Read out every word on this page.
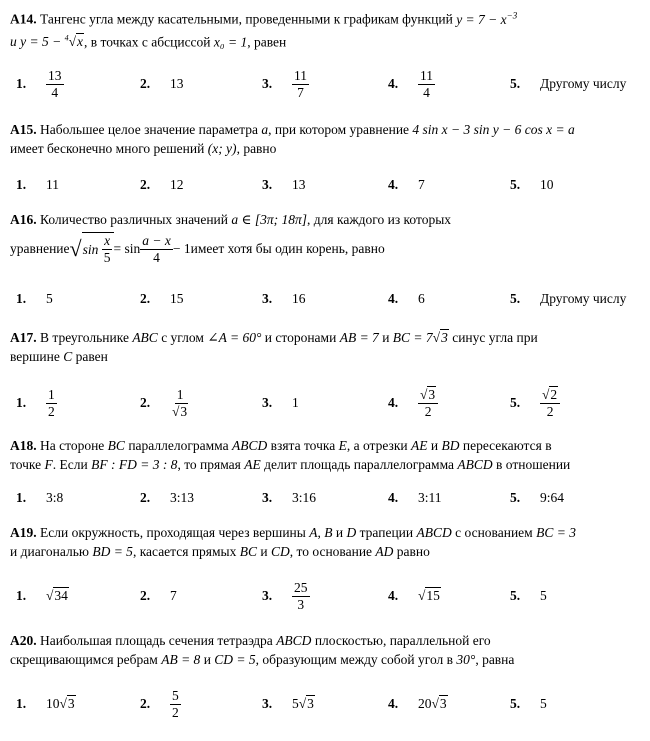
A14. Тангенс угла между касательными, проведенными к графикам функций $y = 7 - x^{-3}$
и y = 5 − $^4$√x, в точках с абсциссой x₀ = 1, равен
1.	$\frac{13}{4}$	2.	13	3.	$\frac{11}{7}$	4.	$\frac{11}{4}$	5.	Другому числу
A15. Набольшее целое значение параметра a, при котором уравнение 4 sin x − 3 sin y − 6 cos x = a
имеет бесконечно много решений (x; y), равно
1.	11	2.	12	3.	13	4.	7	5.	10
A16. Количество различных значений a ∈ [3π; 18π], для каждого из которых
уравнение √ sin
$\frac{x}{5} = \sin \frac{a - x}{4} - 1$ имеет хотя бы один корень, равно
1.	5	2.	15	3.	16	4.	6	5.	Другому числу
A17. В треугольнике ABC с углом ∠A = 60° и сторонами AB = 7 и BC = 7√3 синус угла при
вершине C равен
1.	$\frac{1}{2}$	2.	$\frac{1}{√3}$	3.	1	4.	$\frac{√3}{2}$	5.	$\frac{√2}{2}$
A18. На стороне BC параллелограмма ABCD взята точка E, а отрезки AE и BD пересекаются в
точке F. Если BF : FD = 3 : 8, то прямая AE делит площадь параллелограмма ABCD в отношении
1.	3:8	2.	3:13	3.	3:16	4.	3:11	5.	9:64
A19. Если окружность, проходящая через вершины A, B и D трапеции ABCD с основанием BC = 3
и диагональю BD = 5, касается прямых BC и CD, то основание AD равно
1.	√34	2.	7	3.	$\frac{25}{3}$	4.	√15	5.	5
A20. Наибольшая площадь сечения тетраэдра ABCD плоскостью, параллельной его
скрещивающимся ребрам AB = 8 и CD = 5, образующим между собой угол в 30°, равна
1.	10√3	2.	$\frac{5}{2}$	3.	5√3	4.	20√3	5.	5
